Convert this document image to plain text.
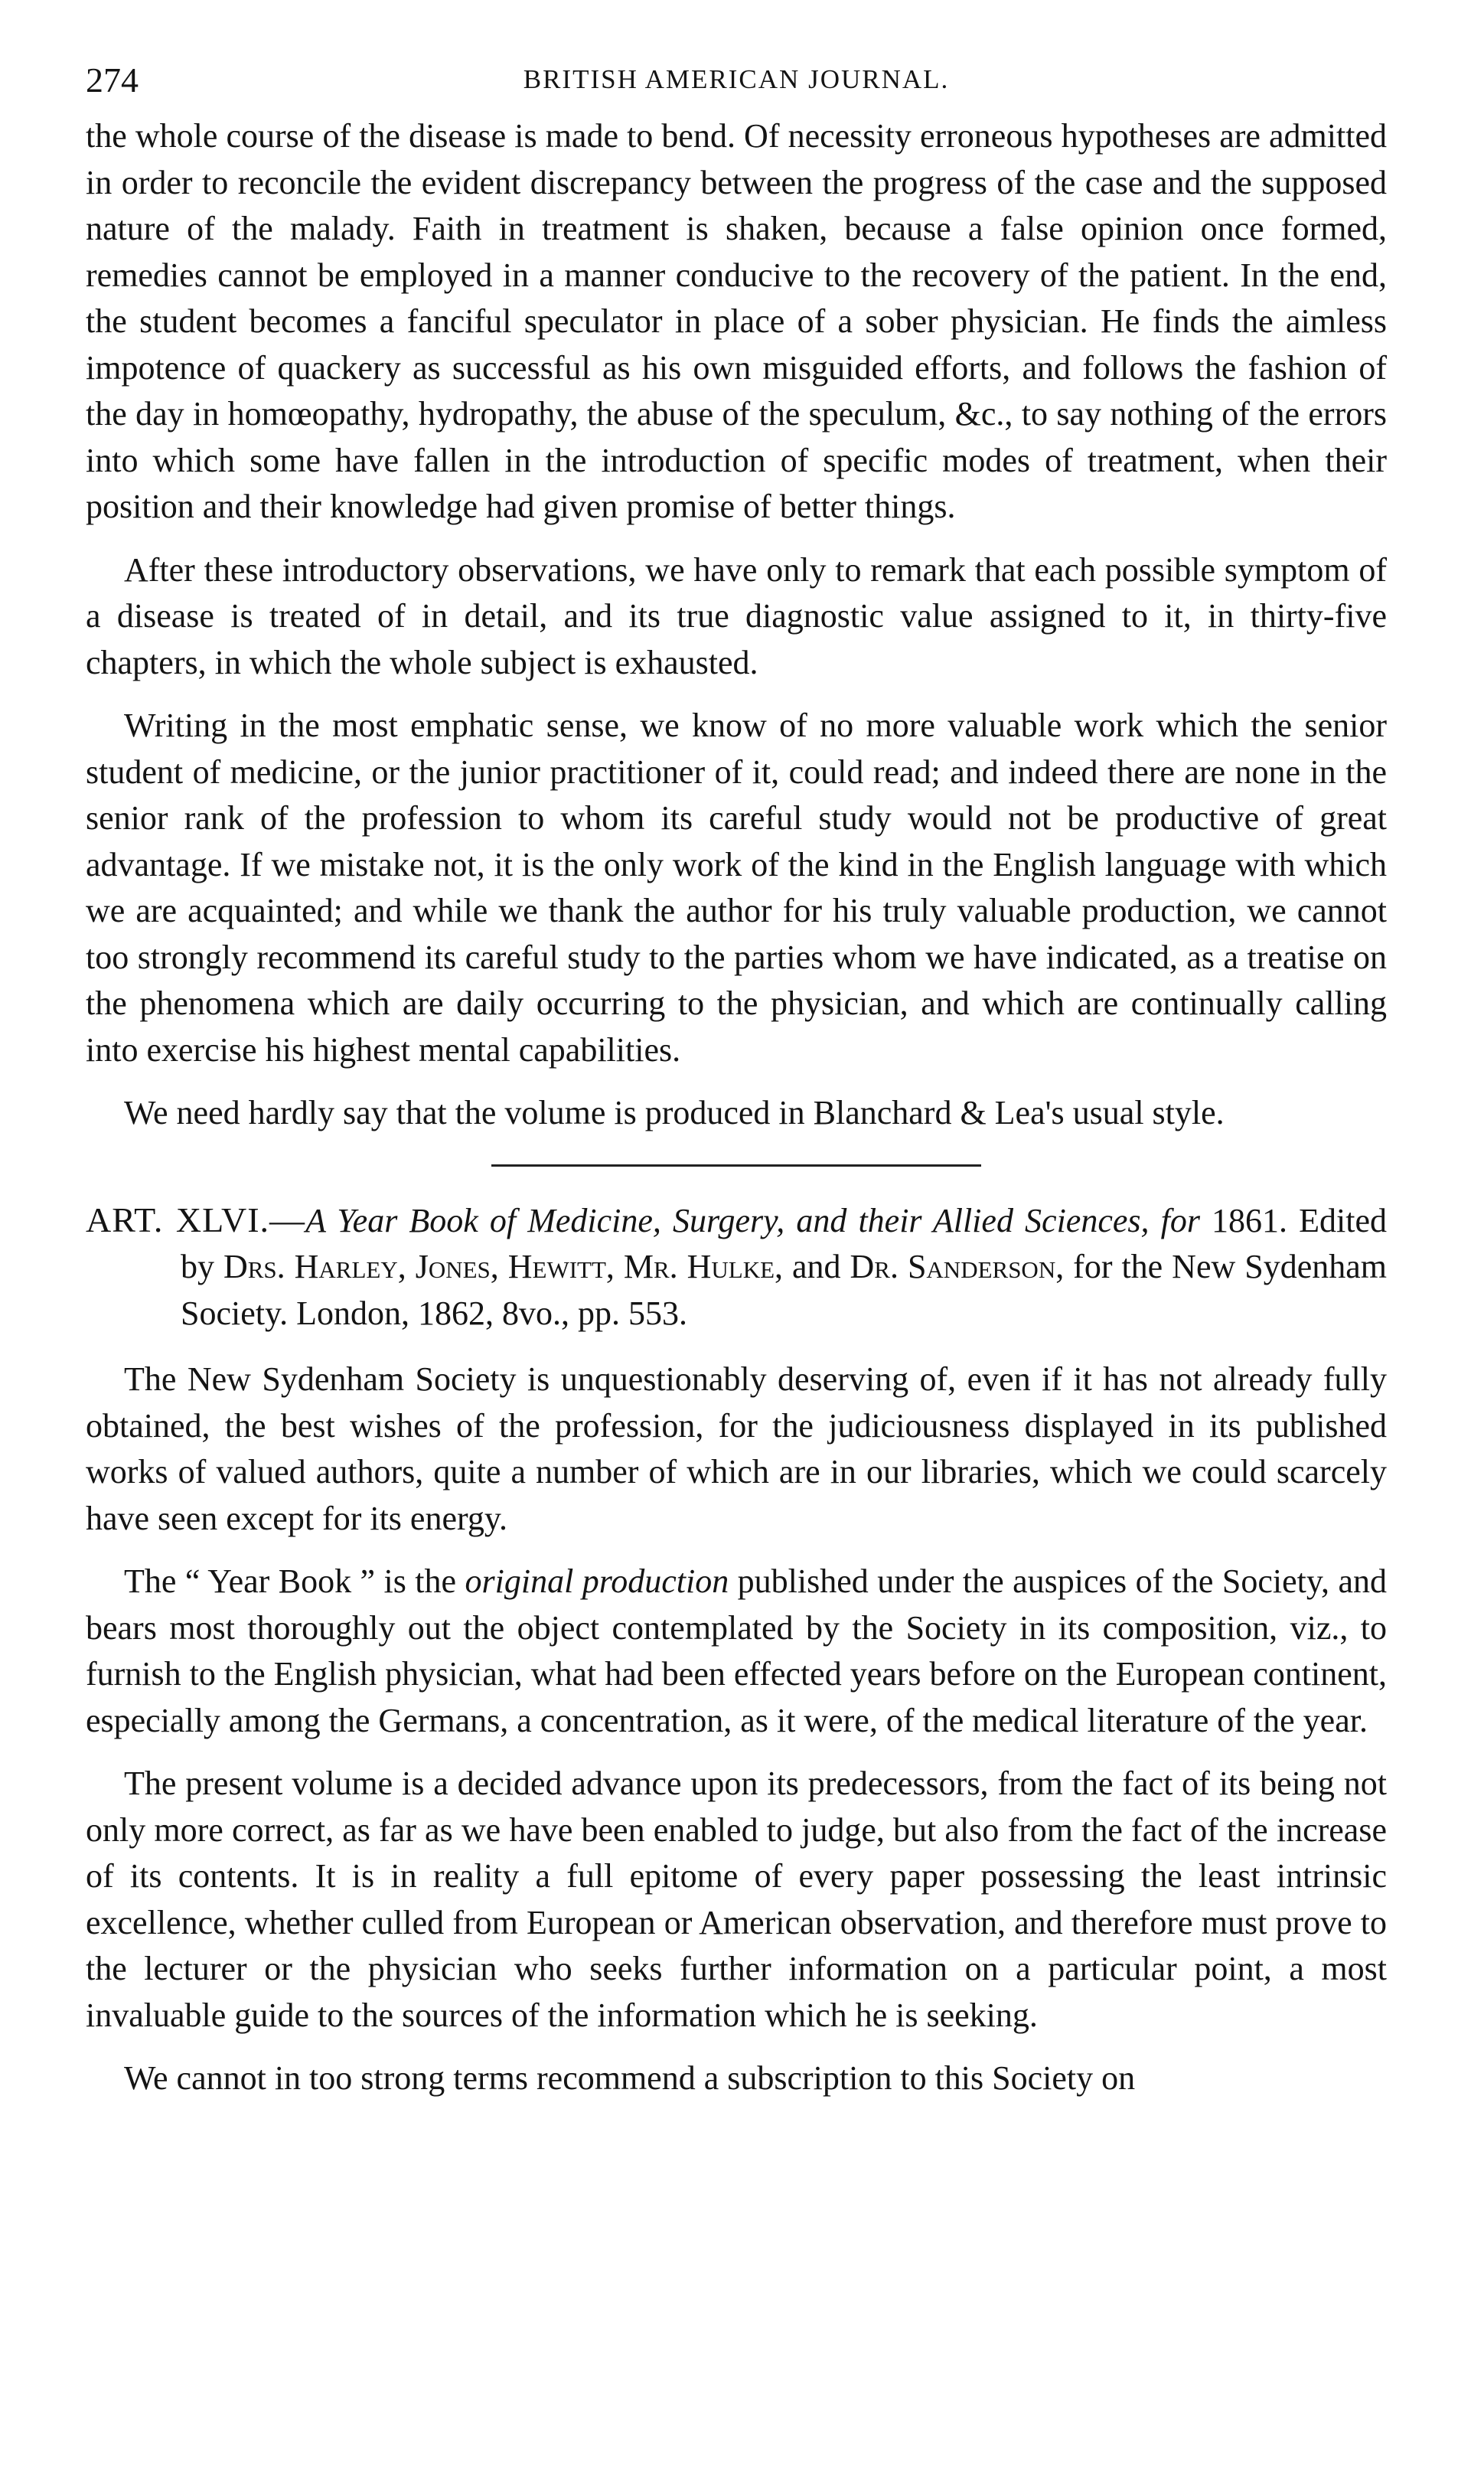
274	BRITISH AMERICAN JOURNAL.

the whole course of the disease is made to bend. Of necessity erroneous hypotheses are admitted in order to reconcile the evident discrepancy between the progress of the case and the supposed nature of the malady. Faith in treatment is shaken, because a false opinion once formed, remedies cannot be employed in a manner conducive to the recovery of the patient. In the end, the student becomes a fanciful speculator in place of a sober physician. He finds the aimless impotence of quackery as successful as his own misguided efforts, and follows the fashion of the day in homœopathy, hydropathy, the abuse of the speculum, &c., to say nothing of the errors into which some have fallen in the introduction of specific modes of treatment, when their position and their knowledge had given promise of better things.

After these introductory observations, we have only to remark that each possible symptom of a disease is treated of in detail, and its true diagnostic value assigned to it, in thirty-five chapters, in which the whole subject is exhausted.

Writing in the most emphatic sense, we know of no more valuable work which the senior student of medicine, or the junior practitioner of it, could read; and indeed there are none in the senior rank of the profession to whom its careful study would not be productive of great advantage. If we mistake not, it is the only work of the kind in the English language with which we are acquainted; and while we thank the author for his truly valuable production, we cannot too strongly recommend its careful study to the parties whom we have indicated, as a treatise on the phenomena which are daily occurring to the physician, and which are continually calling into exercise his highest mental capabilities.

We need hardly say that the volume is produced in Blanchard & Lea's usual style.

ART. XLVI.—A Year Book of Medicine, Surgery, and their Allied Sciences, for 1861. Edited by Drs. Harley, Jones, Hewitt, Mr. Hulke, and Dr. Sanderson, for the New Sydenham Society. London, 1862, 8vo., pp. 553.

The New Sydenham Society is unquestionably deserving of, even if it has not already fully obtained, the best wishes of the profession, for the judiciousness displayed in its published works of valued authors, quite a number of which are in our libraries, which we could scarcely have seen except for its energy.

The “ Year Book ” is the original production published under the auspices of the Society, and bears most thoroughly out the object contemplated by the Society in its composition, viz., to furnish to the English physician, what had been effected years before on the European continent, especially among the Germans, a concentration, as it were, of the medical literature of the year.

The present volume is a decided advance upon its predecessors, from the fact of its being not only more correct, as far as we have been enabled to judge, but also from the fact of the increase of its contents. It is in reality a full epitome of every paper possessing the least intrinsic excellence, whether culled from European or American observation, and therefore must prove to the lecturer or the physician who seeks further information on a particular point, a most invaluable guide to the sources of the information which he is seeking.

We cannot in too strong terms recommend a subscription to this Society on
